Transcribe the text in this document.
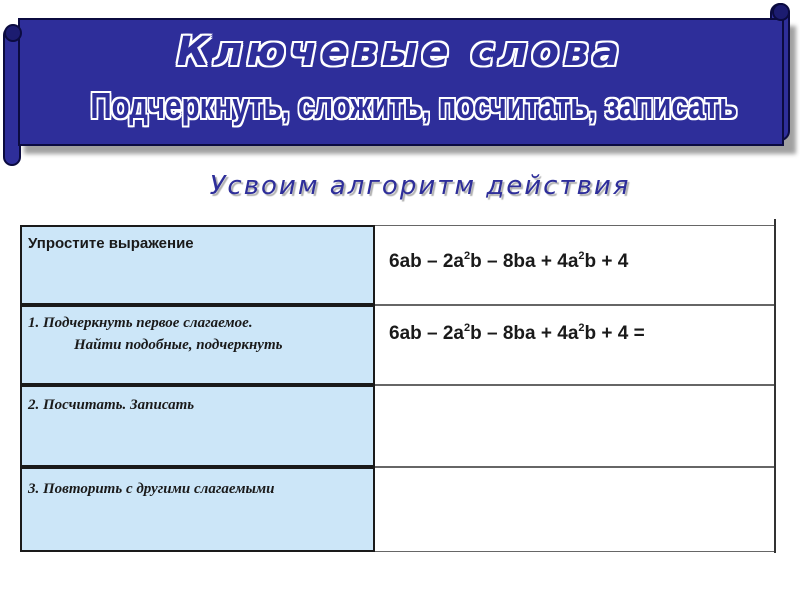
Ключевые слова
Подчеркнуть, сложить, посчитать, записать
Усвоим алгоритм действия
Упростите выражение
$6ab - 2a^2b - 8ba + 4a^2b + 4$
1. Подчеркнуть первое слагаемое.
Найти подобные, подчеркнуть
$6ab - 2a^2b - 8ba + 4a^2b + 4$ =
2. Посчитать. Записать
3. Повторить с другими слагаемыми
